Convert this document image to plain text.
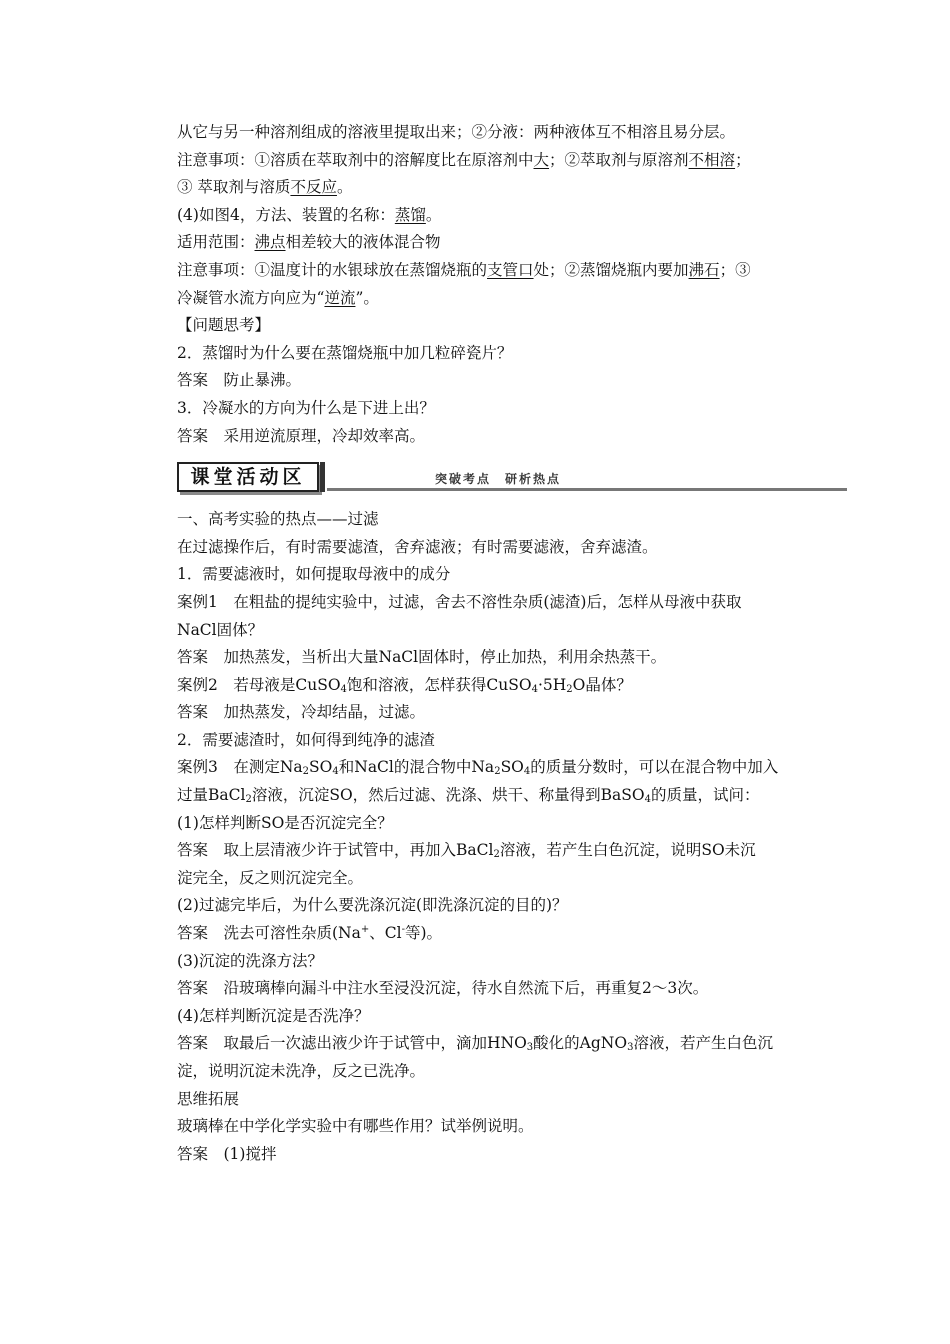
从它与另一种溶剂组成的溶液里提取出来；②分液：两种液体互不相溶且易分层。

注意事项：①溶质在萃取剂中的溶解度比在原溶剂中大；②萃取剂与原溶剂不相溶；

③ 萃取剂与溶质不反应。

(4)如图4，方法、装置的名称：蒸馏。

适用范围：沸点相差较大的液体混合物

注意事项：①温度计的水银球放在蒸馏烧瓶的支管口处；②蒸馏烧瓶内要加沸石；③

冷凝管水流方向应为“逆流”。

【问题思考】

2．蒸馏时为什么要在蒸馏烧瓶中加几粒碎瓷片？

答案　防止暴沸。

3．冷凝水的方向为什么是下进上出？

答案　采用逆流原理，冷却效率高。

课堂活动区	突破考点　研析热点

一、高考实验的热点——过滤

在过滤操作后，有时需要滤渣，舍弃滤液；有时需要滤液，舍弃滤渣。

1．需要滤液时，如何提取母液中的成分

案例1　在粗盐的提纯实验中，过滤，舍去不溶性杂质(滤渣)后，怎样从母液中获取

NaCl固体？

答案　加热蒸发，当析出大量NaCl固体时，停止加热，利用余热蒸干。

案例2　若母液是CuSO$_4$饱和溶液，怎样获得$CuSO_4\cdot 5H_2O$晶体？

答案　加热蒸发，冷却结晶，过滤。

2．需要滤渣时，如何得到纯净的滤渣

案例3　在测定$Na_2SO_4$和NaCl的混合物中$Na_2SO_4$的质量分数时，可以在混合物中加入

过量BaCl$_2$溶液，沉淀SO，然后过滤、洗涤、烘干、称量得到BaSO$_4$的质量，试问：

(1)怎样判断SO是否沉淀完全？

答案　取上层清液少许于试管中，再加入BaCl$_2$溶液，若产生白色沉淀，说明SO未沉

淀完全，反之则沉淀完全。

(2)过滤完毕后，为什么要洗涤沉淀(即洗涤沉淀的目的)？

答案　洗去可溶性杂质(Na+、Cl-等)。

(3)沉淀的洗涤方法？

答案　沿玻璃棒向漏斗中注水至浸没沉淀，待水自然流下后，再重复2～3次。

(4)怎样判断沉淀是否洗净？

答案　取最后一次滤出液少许于试管中，滴加$HNO_3$酸化的AgNO$_3$溶液，若产生白色沉

淀，说明沉淀未洗净，反之已洗净。

思维拓展

玻璃棒在中学化学实验中有哪些作用？试举例说明。

答案　(1)搅拌
